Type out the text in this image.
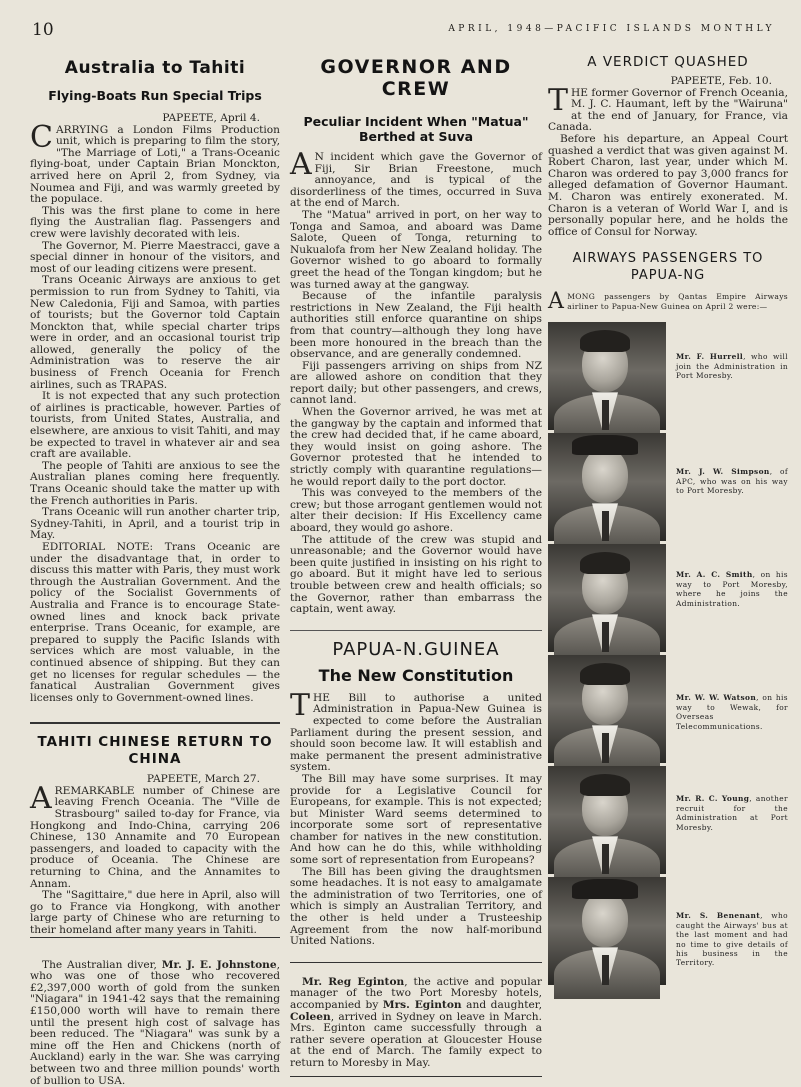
10	APRIL, 1948—PACIFIC ISLANDS MONTHLY
Australia to Tahiti
Flying-Boats Run Special Trips

PAPEETE, April 4.

CARRYING a London Films Production unit, which is preparing to film the story, "The Marriage of Loti," a Trans-Oceanic flying-boat, under Captain Brian Monckton, arrived here on April 2, from Sydney, via Noumea and Fiji, and was warmly greeted by the populace.

This was the first plane to come in here flying the Australian flag. Passengers and crew were lavishly decorated with leis.

The Governor, M. Pierre Maestracci, gave a special dinner in honour of the visitors, and most of our leading citizens were present.

Trans Oceanic Airways are anxious to get permission to run from Sydney to Tahiti, via New Caledonia, Fiji and Samoa, with parties of tourists; but the Governor told Captain Monckton that, while special charter trips were in order, and an occasional tourist trip allowed, generally the policy of the Administration was to reserve the air business of French Oceania for French airlines, such as TRAPAS.

It is not expected that any such protection of airlines is practicable, however. Parties of tourists, from United States, Australia, and elsewhere, are anxious to visit Tahiti, and may be expected to travel in whatever air and sea craft are available.

The people of Tahiti are anxious to see the Australian planes coming here frequently. Trans Oceanic should take the matter up with the French authorities in Paris.

Trans Oceanic will run another charter trip, Sydney-Tahiti, in April, and a tourist trip in May.

EDITORIAL NOTE: Trans Oceanic are under the disadvantage that, in order to discuss this matter with Paris, they must work through the Australian Government. And the policy of the Socialist Governments of Australia and France is to encourage State-owned lines and knock back private enterprise. Trans Oceanic, for example, are prepared to supply the Pacific Islands with services which are most valuable, in the continued absence of shipping. But they can get no licenses for regular schedules — the fanatical Australian Government gives licenses only to Government-owned lines.

TAHITI CHINESE RETURN TO CHINA

PAPEETE, March 27.

AREMARKABLE number of Chinese are leaving French Oceania. The "Ville de Strasbourg" sailed to-day for France, via Hongkong and Indo-China, carrying 206 Chinese, 130 Annamite and 70 European passengers, and loaded to capacity with the produce of Oceania. The Chinese are returning to China, and the Annamites to Annam.

The "Sagittaire," due here in April, also will go to France via Hongkong, with another large party of Chinese who are returning to their homeland after many years in Tahiti.

The Australian diver, Mr. J. E. Johnstone, who was one of those who recovered £2,397,000 worth of gold from the sunken "Niagara" in 1941-42 says that the remaining £150,000 worth will have to remain there until the present high cost of salvage has been reduced. The "Niagara" was sunk by a mine off the Hen and Chickens (north of Auckland) early in the war. She was carrying between two and three million pounds' worth of bullion to USA.

GOVERNOR AND CREW
Peculiar Incident When "Matua" Berthed at Suva

A N incident which gave the Governor of Fiji, Sir Brian Freestone, much annoyance, and is typical of the disorderliness of the times, occurred in Suva at the end of March.

The "Matua" arrived in port, on her way to Tonga and Samoa, and aboard was Dame Salote, Queen of Tonga, returning to Nukualofa from her New Zealand holiday. The Governor wished to go aboard to formally greet the head of the Tongan kingdom; but he was turned away at the gangway.

Because of the infantile paralysis restrictions in New Zealand, the Fiji health authorities still enforce quarantine on ships from that country—although they long have been more honoured in the breach than the observance, and are generally condemned.

Fiji passengers arriving on ships from NZ are allowed ashore on condition that they report daily; but other passengers, and crews, cannot land.

When the Governor arrived, he was met at the gangway by the captain and informed that the crew had decided that, if he came aboard, they would insist on going ashore. The Governor protested that he intended to strictly comply with quarantine regulations—he would report daily to the port doctor.

This was conveyed to the members of the crew; but those arrogant gentlemen would not alter their decision: If His Excellency came aboard, they would go ashore.

The attitude of the crew was stupid and unreasonable; and the Governor would have been quite justified in insisting on his right to go aboard. But it might have led to serious trouble between crew and health officials; so the Governor, rather than embarrass the captain, went away.

PAPUA-N.GUINEA
The New Constitution

THE Bill to authorise a united Administration in Papua-New Guinea is expected to come before the Australian Parliament during the present session, and should soon become law. It will establish and make permanent the present administrative system.

The Bill may have some surprises. It may provide for a Legislative Council for Europeans, for example. This is not expected; but Minister Ward seems determined to incorporate some sort of representative chamber for natives in the new constitution. And how can he do this, while withholding some sort of representation from Europeans?

The Bill has been giving the draughtsmen some headaches. It is not easy to amalgamate the administration of two Territories, one of which is simply an Australian Territory, and the other is held under a Trusteeship Agreement from the now half-moribund United Nations.

Mr. Reg Eginton, the active and popular manager of the two Port Moresby hotels, accompanied by Mrs. Eginton and daughter, Coleen, arrived in Sydney on leave in March. Mrs. Eginton came successfully through a rather severe operation at Gloucester House at the end of March. The family expect to return to Moresby in May.

A VERDICT QUASHED

PAPEETE, Feb. 10.

THE former Governor of French Oceania, M. J. C. Haumant, left by the "Wairuna" at the end of January, for France, via Canada.

Before his departure, an Appeal Court quashed a verdict that was given against M. Robert Charon, last year, under which M. Charon was ordered to pay 3,000 francs for alleged defamation of Governor Haumant. M. Charon was entirely exonerated. M. Charon is a veteran of World War I, and is personally popular here, and he holds the office of Consul for Norway.

AIRWAYS PASSENGERS TO PAPUA-NG
AMONG passengers by Qantas Empire Airways airliner to Papua-New Guinea on April 2 were:—
Mr. F. Hurrell, who will join the Administration in Port Moresby.
Mr. J. W. Simpson, of APC, who was on his way to Port Moresby.
Mr. A. C. Smith, on his way to Port Moresby, where he joins the Administration.
Mr. W. W. Watson, on his way to Wewak, for Overseas Telecommunications.
Mr. R. C. Young, another recruit for the Administration at Port Moresby.
Mr. S. Benenant, who caught the Airways' bus at the last moment and had no time to give details of his business in the Territory.
